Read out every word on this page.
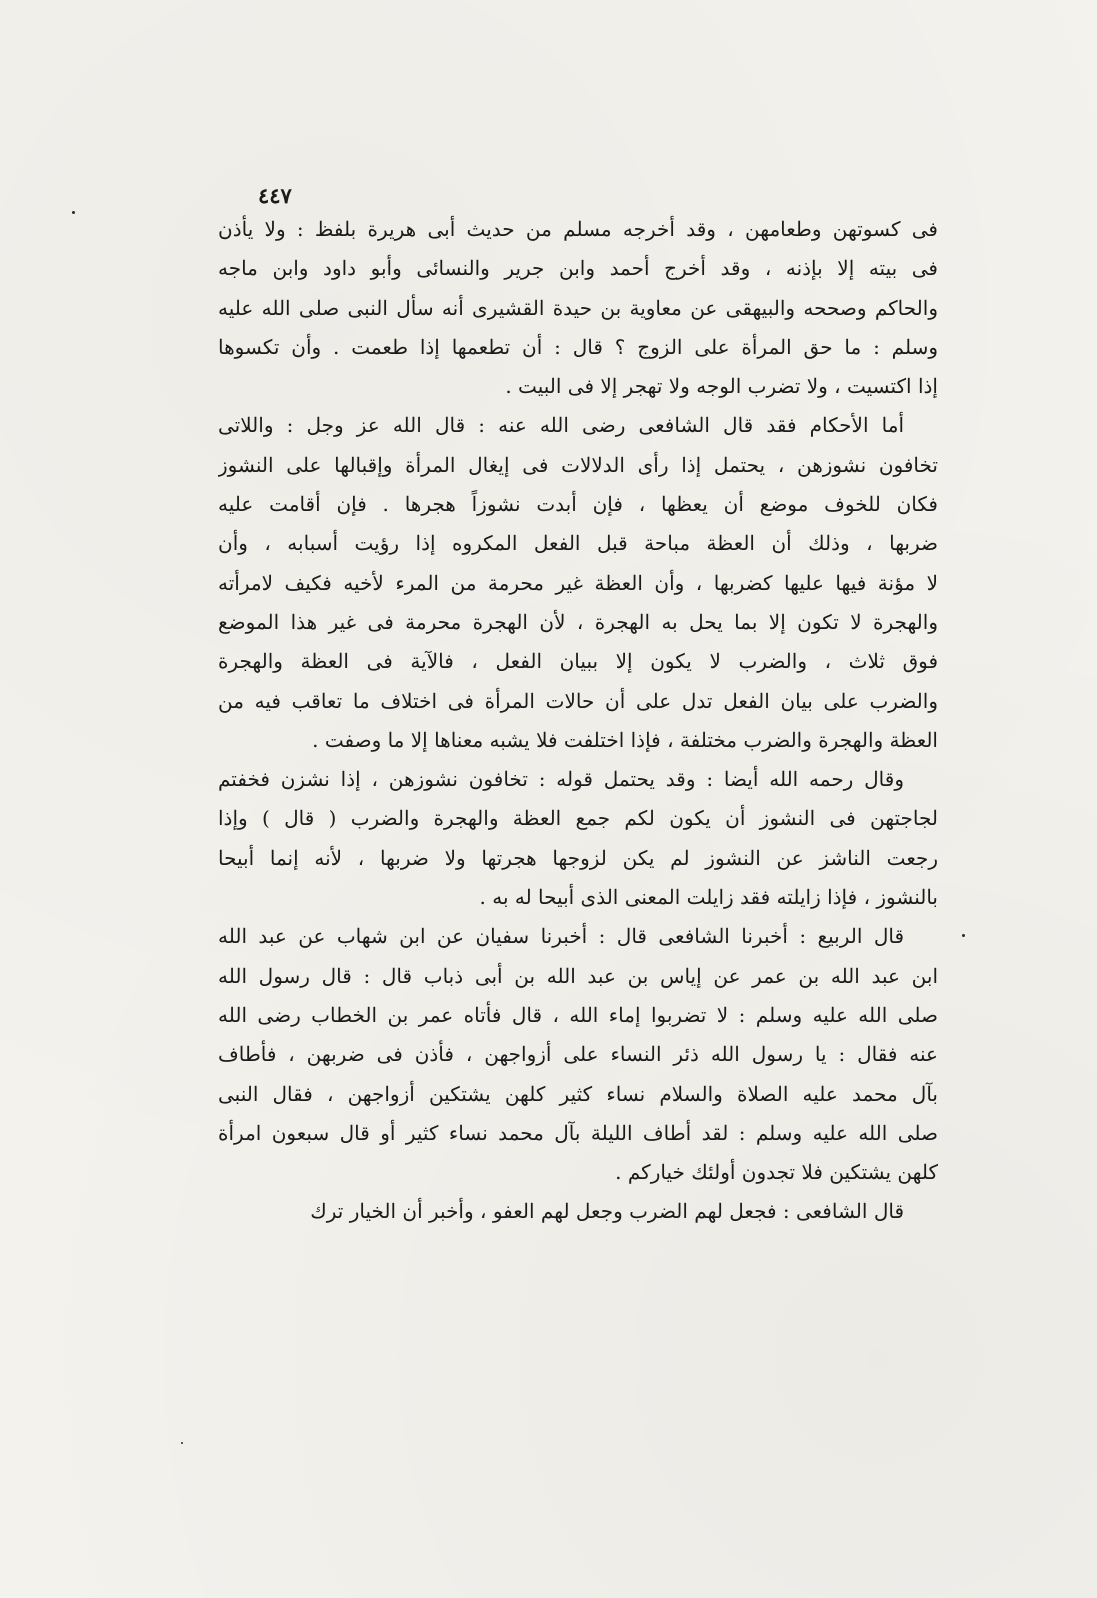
٤٤٧
فى كسوتهن وطعامهن ، وقد أخرجه مسلم من حديث أبى هريرة بلفظ : ولا يأذن
فى بيته إلا بإذنه ، وقد أخرج أحمد وابن جرير والنسائى وأبو داود وابن ماجه
والحاكم وصححه والبيهقى عن معاوية بن حيدة القشيرى أنه سأل النبى صلى الله عليه
وسلم : ما حق المرأة على الزوج ؟ قال : أن تطعمها إذا طعمت . وأن تكسوها
إذا اكتسيت ، ولا تضرب الوجه ولا تهجر إلا فى البيت .
أما الأحكام فقد قال الشافعى رضى الله عنه : قال الله عز وجل : واللاتى
تخافون نشوزهن ، يحتمل إذا رأى الدلالات فى إيغال المرأة وإقبالها على النشوز
فكان للخوف موضع أن يعظها ، فإن أبدت نشوزاً هجرها . فإن أقامت عليه
ضربها ، وذلك أن العظة مباحة قبل الفعل المكروه إذا رؤيت أسبابه ، وأن
لا مؤنة فيها عليها كضربها ، وأن العظة غير محرمة من المرء لأخيه فكيف لامرأته
والهجرة لا تكون إلا بما يحل به الهجرة ، لأن الهجرة محرمة فى غير هذا الموضع
فوق ثلاث ، والضرب لا يكون إلا ببيان الفعل ، فالآية فى العظة والهجرة
والضرب على بيان الفعل تدل على أن حالات المرأة فى اختلاف ما تعاقب فيه من
العظة والهجرة والضرب مختلفة ، فإذا اختلفت فلا يشبه معناها إلا ما وصفت .
وقال رحمه الله أيضا : وقد يحتمل قوله : تخافون نشوزهن ، إذا نشزن فخفتم
لجاجتهن فى النشوز أن يكون لكم جمع العظة والهجرة والضرب ( قال ) وإذا
رجعت الناشز عن النشوز لم يكن لزوجها هجرتها ولا ضربها ، لأنه إنما أبيحا
بالنشوز ، فإذا زايلته فقد زايلت المعنى الذى أبيحا له به .
قال الربيع : أخبرنا الشافعى قال : أخبرنا سفيان عن ابن شهاب عن عبد الله
ابن عبد الله بن عمر عن إياس بن عبد الله بن أبى ذباب قال : قال رسول الله
صلى الله عليه وسلم : لا تضربوا إماء الله ، قال فأتاه عمر بن الخطاب رضى الله
عنه فقال : يا رسول الله ذئر النساء على أزواجهن ، فأذن فى ضربهن ، فأطاف
بآل محمد عليه الصلاة والسلام نساء كثير كلهن يشتكين أزواجهن ، فقال النبى
صلى الله عليه وسلم : لقد أطاف الليلة بآل محمد نساء كثير أو قال سبعون امرأة
كلهن يشتكين فلا تجدون أولئك خياركم .
قال الشافعى : فجعل لهم الضرب وجعل لهم العفو ، وأخبر أن الخيار ترك
